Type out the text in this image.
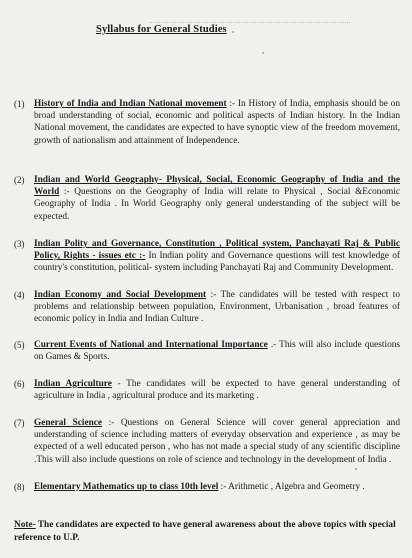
Syllabus for General Studies
(1)	History of India and Indian National movement :- In History of India, emphasis should be on broad understanding of social, economic and political aspects of Indian history. In the Indian National movement, the candidates are expected to have synoptic view of the freedom movement, growth of nationalism and attainment of Independence.
(2)	Indian and World Geography- Physical, Social, Economic Geography of India and the World :- Questions on the Geography of India will relate to Physical , Social &Economic Geography of India . In World Geography only general understanding of the subject will be expected.
(3)	Indian Polity and Governance, Constitution , Political system, Panchayati Raj & Public Policy, Rights - issues etc :- In Indian polity and Governance questions will test knowledge of country's constitution, political- system including Panchayati Raj and Community Development.
(4)	Indian Economy and Social Development :- The candidates will be tested with respect to problems and relationship between population, Environment, Urbanisation , broad features of economic policy in India and Indian Culture .
(5)	Current Events of National and International Importance .- This will also include questions on Games & Sports.
(6)	Indian Agriculture - The candidates will be expected to have general understanding of agriculture in India , agricultural produce and its marketing .
(7)	General Science :- Questions on General Science will cover general appreciation and understanding of science including matters of everyday observation and experience , as may be expected of a well educated person , who has not made a special study of any scientific discipline .This will also include questions on role of science and technology in the development of India .
(8)	Elementary Mathematics up to class 10th level :- Arithmetic , Algebra and Geometry .
Note- The candidates are expected to have general awareness about the above topics with special reference to U.P.
